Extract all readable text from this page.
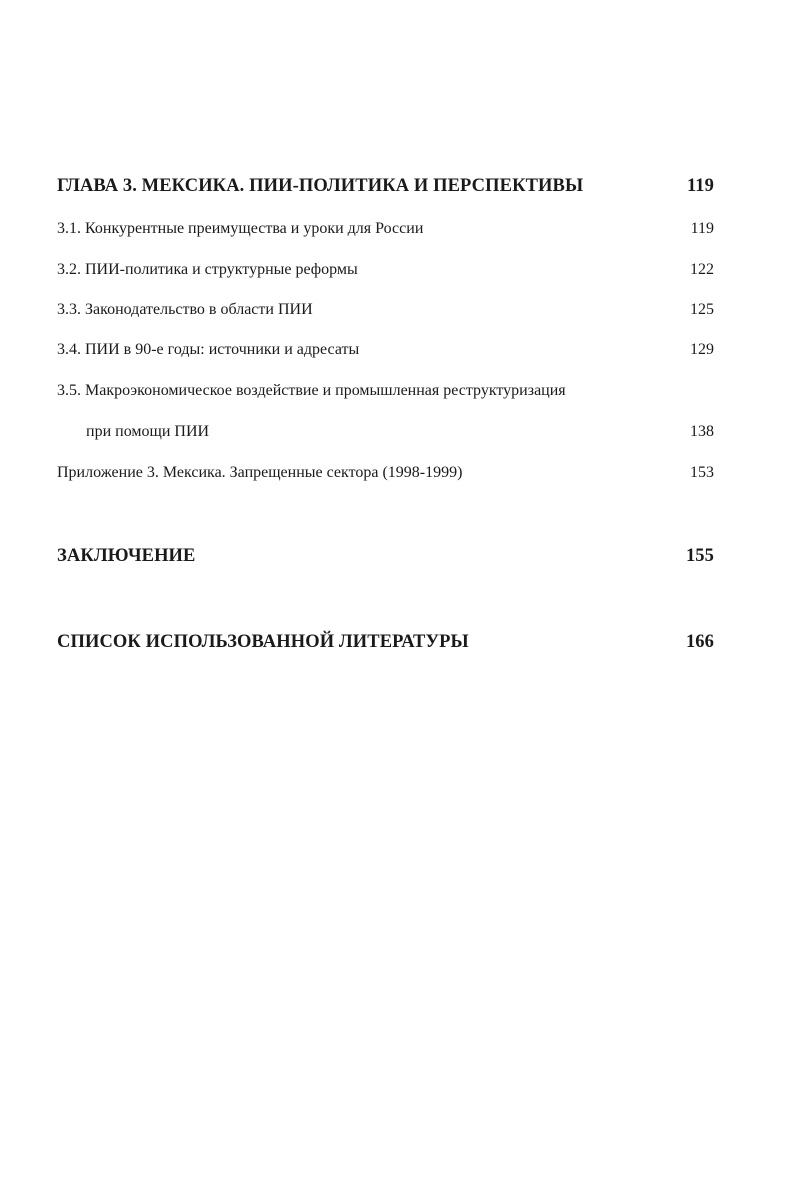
ГЛАВА 3. МЕКСИКА. ПИИ-ПОЛИТИКА И ПЕРСПЕКТИВЫ	119
3.1. Конкурентные преимущества и уроки для России	119
3.2. ПИИ-политика и структурные реформы	122
3.3. Законодательство в области ПИИ	125
3.4. ПИИ в 90-е годы: источники и адресаты	129
3.5. Макроэкономическое воздействие и промышленная реструктуризация
при помощи ПИИ	138
Приложение 3. Мексика. Запрещенные сектора (1998-1999)	153
ЗАКЛЮЧЕНИЕ	155
СПИСОК ИСПОЛЬЗОВАННОЙ ЛИТЕРАТУРЫ	166
